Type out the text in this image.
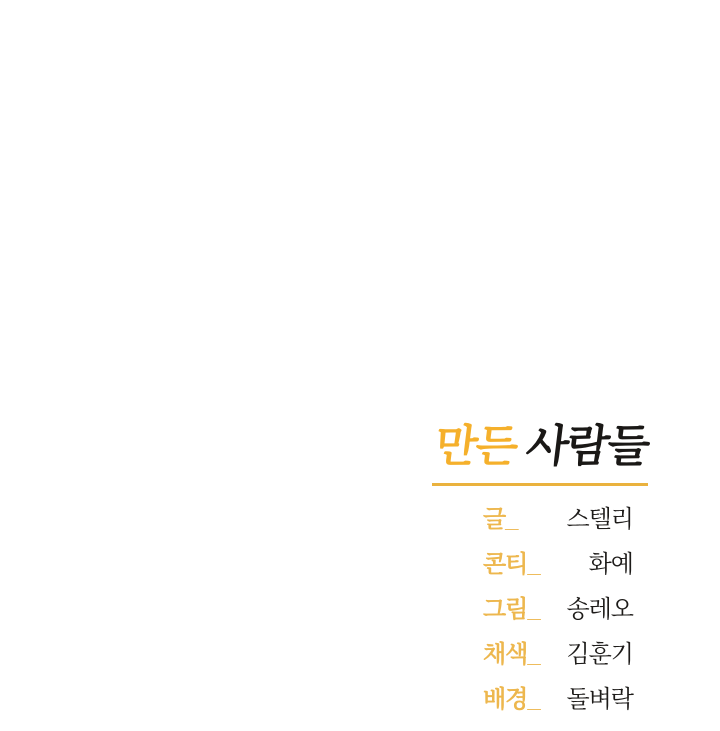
만든 사람들
글_ 스텔리
콘티_ 화예
그림_ 송레오
채색_ 김훈기
배경_ 돌벼락
